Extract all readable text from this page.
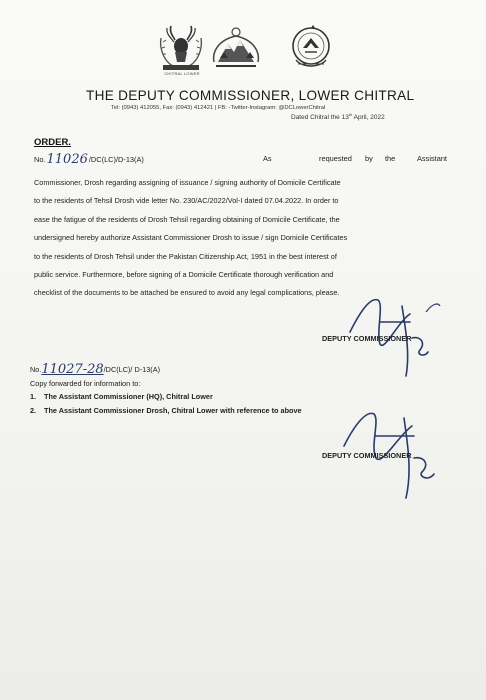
CHITRAL LOWER
THE DEPUTY COMMISSIONER, LOWER CHITRAL
Tel: (0943) 412055, Fax: (0943) 412421 | FB: -Twitter-Instagram: @DCLowerChitral
Dated Chitral the 13th April, 2022
ORDER.
No.11026/DC(LC)/D-13(A)	As	requested by the	Assistant

Commissioner, Drosh regarding assigning of issuance / signing authority of Domicile Certificate

to the residents of Tehsil Drosh vide letter No. 230/AC/2022/Vol-I dated 07.04.2022. In order to

ease the fatigue of the residents of Drosh Tehsil regarding obtaining of Domicile Certificate, the

undersigned hereby authorize Assistant Commissioner Drosh to issue / sign Domicile Certificates

to the residents of Drosh Tehsil under the Pakistan Citizenship Act, 1951 in the best interest of

public service. Furthermore, before signing of a Domicile Certificate thorough verification and

checklist of the documents to be attached be ensured to avoid any legal complications, please.

DEPUTY COMMISSIONER
No.11027-28/DC(LC)/ D-13(A)
Copy forwarded for information to:
1. The Assistant Commissioner (HQ), Chitral Lower
2. The Assistant Commissioner Drosh, Chitral Lower with reference to above
DEPUTY COMMISSIONER
